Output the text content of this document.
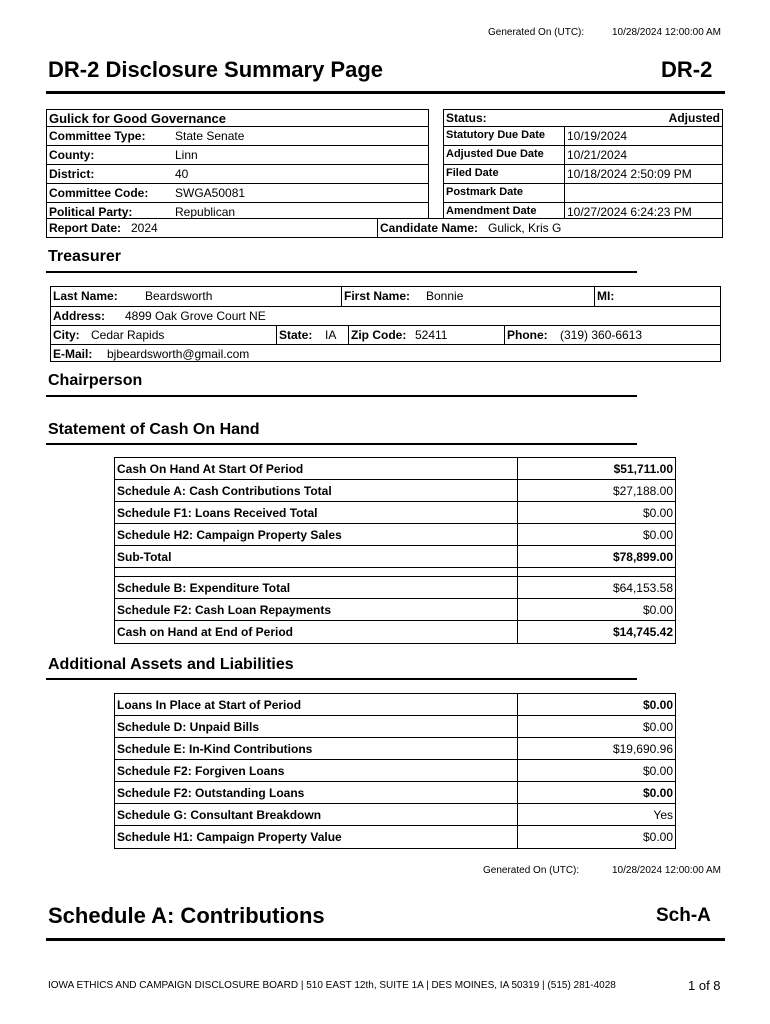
Generated On (UTC):	10/28/2024 12:00:00 AM
DR-2 Disclosure Summary Page	DR-2
Gulick for Good Governance
Committee Type: State Senate
County:	Linn
District:	40
Committee Code: SWGA50081
Political Party:	Republican
Status:	Adjusted
Statutory Due Date 10/19/2024
Adjusted Due Date 10/21/2024
Filed Date	10/18/2024 2:50:09 PM
Postmark Date
Amendment Date	10/27/2024 6:24:23 PM
Report Date: 2024	Candidate Name: Gulick, Kris G
Treasurer
Last Name: Beardsworth	First Name: Bonnie	MI:
Address: 4899 Oak Grove Court NE
City: Cedar Rapids	State: IA Zip Code: 52411	Phone: (319) 360-6613
E-Mail: bjbeardsworth@gmail.com
Chairperson
Statement of Cash On Hand
Cash On Hand At Start Of Period	$51,711.00
Schedule A: Cash Contributions Total	$27,188.00
Schedule F1: Loans Received Total	$0.00
Schedule H2: Campaign Property Sales	$0.00
Sub-Total	$78,899.00
Schedule B: Expenditure Total	$64,153.58
Schedule F2: Cash Loan Repayments	$0.00
Cash on Hand at End of Period	$14,745.42
Additional Assets and Liabilities
Loans In Place at Start of Period	$0.00
Schedule D: Unpaid Bills	$0.00
Schedule E: In-Kind Contributions	$19,690.96
Schedule F2: Forgiven Loans	$0.00
Schedule F2: Outstanding Loans	$0.00
Schedule G: Consultant Breakdown	Yes
Schedule H1: Campaign Property Value	$0.00
Generated On (UTC):	10/28/2024 12:00:00 AM
Schedule A: Contributions	Sch-A
IOWA ETHICS AND CAMPAIGN DISCLOSURE BOARD | 510 EAST 12th, SUITE 1A | DES MOINES, IA 50319 | (515) 281-4028	1 of 8
